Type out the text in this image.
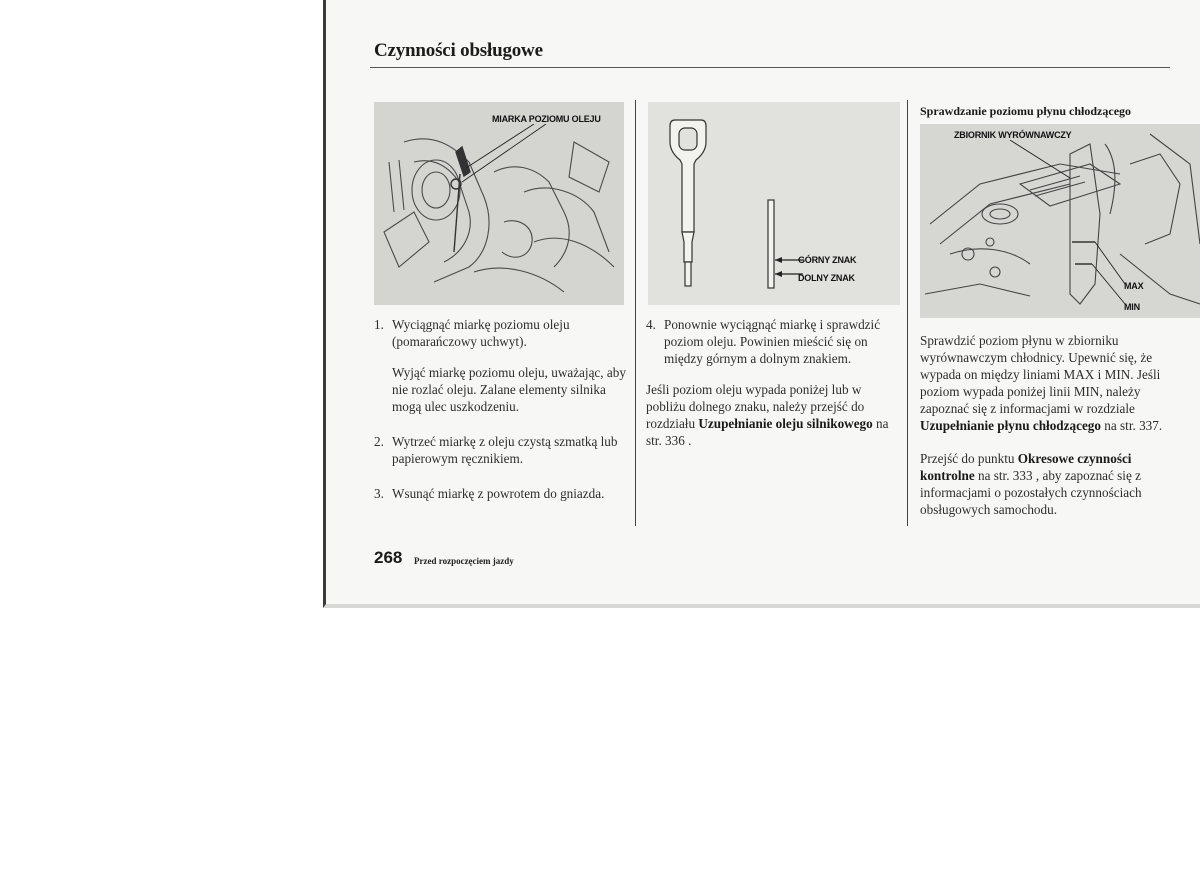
Czynności obsługowe
MIARKA POZIOMU OLEJU
GÓRNY ZNAK
DOLNY ZNAK
1. Wyciągnąć miarkę poziomu oleju (pomarańczowy uchwyt).
Wyjąć miarkę poziomu oleju, uważając, aby nie rozlać oleju. Zalane elementy silnika mogą ulec uszkodzeniu.
2. Wytrzeć miarkę z oleju czystą szmatką lub papierowym ręcznikiem.
3. Wsunąć miarkę z powrotem do gniazda.
4. Ponownie wyciągnąć miarkę i sprawdzić poziom oleju. Powinien mieścić się on między górnym a dolnym znakiem.
Jeśli poziom oleju wypada poniżej lub w pobliżu dolnego znaku, należy przejść do rozdziału Uzupełnianie oleju silnikowego na str. 336 .
Sprawdzanie poziomu płynu chłodzącego
ZBIORNIK WYRÓWNAWCZY
MAX
MIN
Sprawdzić poziom płynu w zbiorniku wyrównawczym chłodnicy. Upewnić się, że wypada on między liniami MAX i MIN. Jeśli poziom wypada poniżej linii MIN, należy zapoznać się z informacjami w rozdziale Uzupełnianie płynu chłodzącego na str. 337.
Przejść do punktu Okresowe czynności kontrolne na str. 333 , aby zapoznać się z informacjami o pozostałych czynnościach obsługowych samochodu.
268 Przed rozpoczęciem jazdy
